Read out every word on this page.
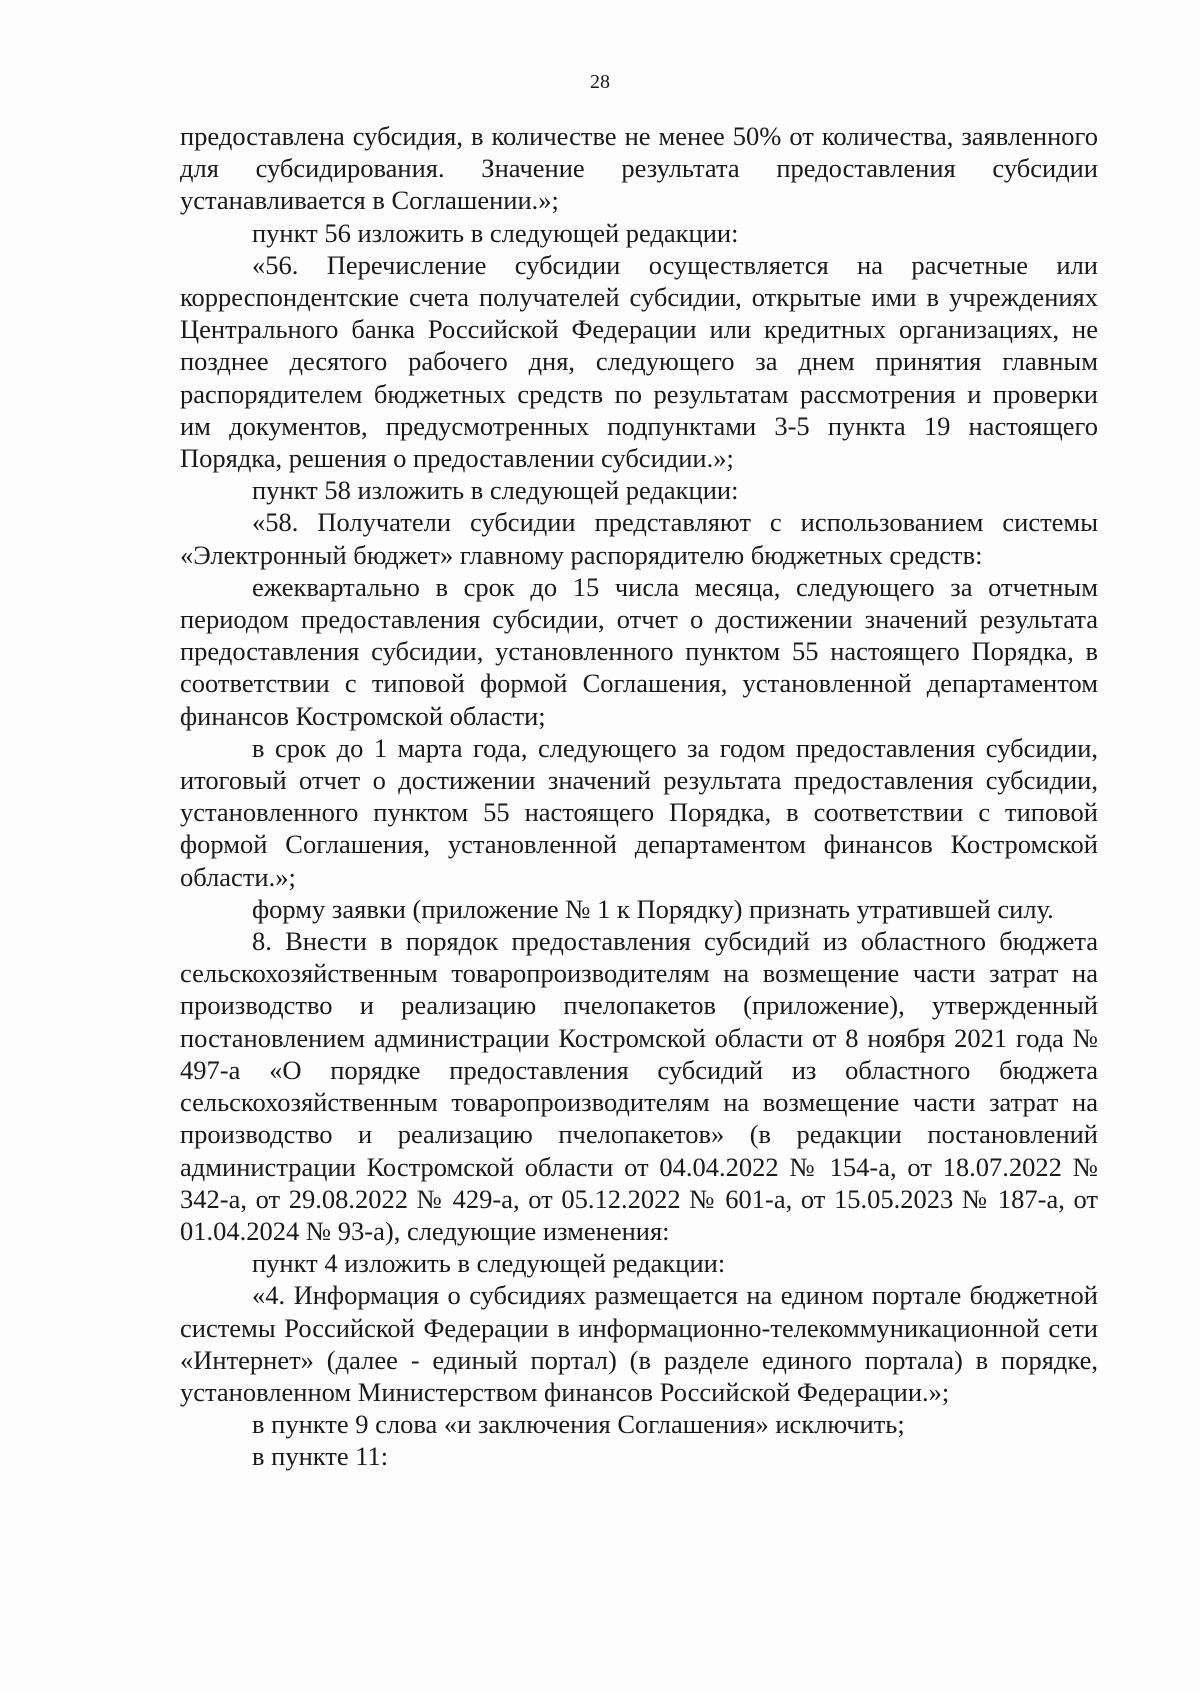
28

предоставлена субсидия, в количестве не менее 50% от количества, заявленного для субсидирования. Значение результата предоставления субсидии устанавливается в Соглашении.»;

пункт 56 изложить в следующей редакции:

«56. Перечисление субсидии осуществляется на расчетные или корреспондентские счета получателей субсидии, открытые ими в учреждениях Центрального банка Российской Федерации или кредитных организациях, не позднее десятого рабочего дня, следующего за днем принятия главным распорядителем бюджетных средств по результатам рассмотрения и проверки им документов, предусмотренных подпунктами 3-5 пункта 19 настоящего Порядка, решения о предоставлении субсидии.»;

пункт 58 изложить в следующей редакции:

«58. Получатели субсидии представляют с использованием системы «Электронный бюджет» главному распорядителю бюджетных средств:

ежеквартально в срок до 15 числа месяца, следующего за отчетным периодом предоставления субсидии, отчет о достижении значений результата предоставления субсидии, установленного пунктом 55 настоящего Порядка, в соответствии с типовой формой Соглашения, установленной департаментом финансов Костромской области;

в срок до 1 марта года, следующего за годом предоставления субсидии, итоговый отчет о достижении значений результата предоставления субсидии, установленного пунктом 55 настоящего Порядка, в соответствии с типовой формой Соглашения, установленной департаментом финансов Костромской области.»;

форму заявки (приложение № 1 к Порядку) признать утратившей силу.

8. Внести в порядок предоставления субсидий из областного бюджета сельскохозяйственным товаропроизводителям на возмещение части затрат на производство и реализацию пчелопакетов (приложение), утвержденный постановлением администрации Костромской области от 8 ноября 2021 года № 497-а «О порядке предоставления субсидий из областного бюджета сельскохозяйственным товаропроизводителям на возмещение части затрат на производство и реализацию пчелопакетов» (в редакции постановлений администрации Костромской области от 04.04.2022 № 154-а, от 18.07.2022 № 342-а, от 29.08.2022 № 429-а, от 05.12.2022 № 601-а, от 15.05.2023 № 187-а, от 01.04.2024 № 93-а), следующие изменения:

пункт 4 изложить в следующей редакции:

«4. Информация о субсидиях размещается на едином портале бюджетной системы Российской Федерации в информационно-телекоммуникационной сети «Интернет» (далее - единый портал) (в разделе единого портала) в порядке, установленном Министерством финансов Российской Федерации.»;

в пункте 9 слова «и заключения Соглашения» исключить;

в пункте 11:
